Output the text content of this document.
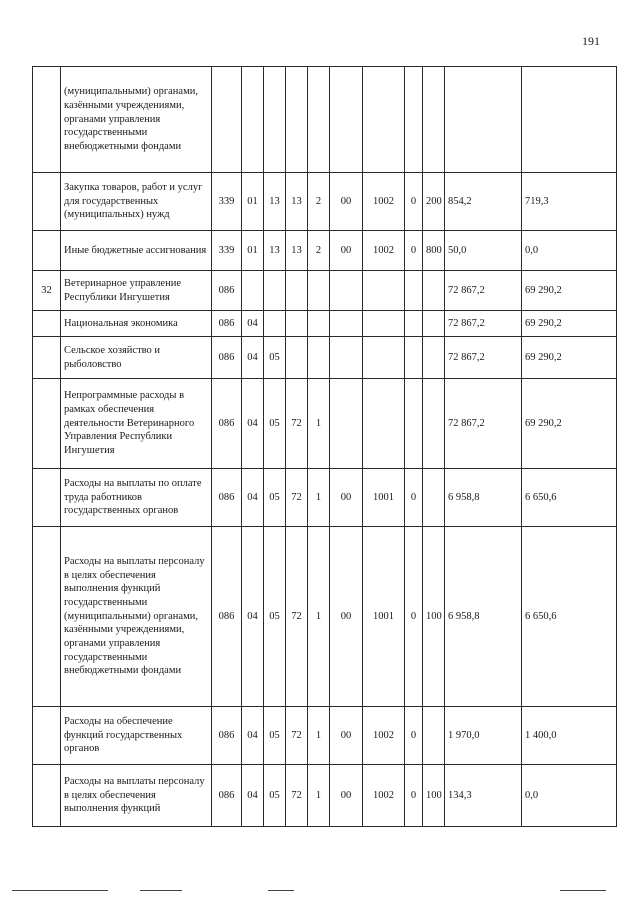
191
	(муниципальными) органами, казёнными учреждениями, органами управления государственными внебюджетными фондами											
	Закупка товаров, работ и услуг для государственных (муниципальных) нужд	339	01	13	13	2	00	1002	0	200	854,2	719,3
	Иные бюджетные ассигнования	339	01	13	13	2	00	1002	0	800	50,0	0,0
32	Ветеринарное управление Республики Ингушетия	086									72 867,2	69 290,2
	Национальная экономика	086	04								72 867,2	69 290,2
	Сельское хозяйство и рыболовство	086	04	05							72 867,2	69 290,2
	Непрограммные расходы в рамках обеспечения деятельности Ветеринарного Управления Республики Ингушетия	086	04	05	72	1					72 867,2	69 290,2
	Расходы на выплаты по оплате труда работников государственных органов	086	04	05	72	1	00	1001	0		6 958,8	6 650,6
	Расходы на выплаты персоналу в целях обеспечения выполнения функций государственными (муниципальными) органами, казёнными учреждениями, органами управления государственными внебюджетными фондами	086	04	05	72	1	00	1001	0	100	6 958,8	6 650,6
	Расходы на обеспечение функций государственных органов	086	04	05	72	1	00	1002	0		1 970,0	1 400,0
	Расходы на выплаты персоналу в целях обеспечения выполнения функций	086	04	05	72	1	00	1002	0	100	134,3	0,0
